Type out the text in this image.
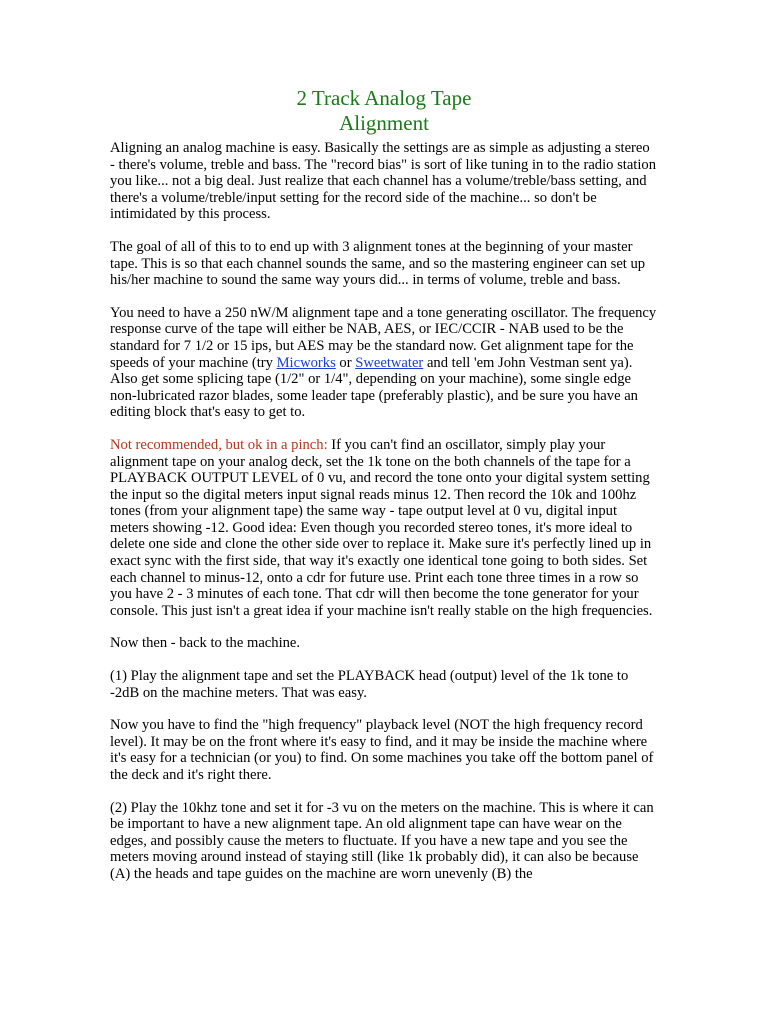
2 Track Analog Tape
Alignment

Aligning an analog machine is easy. Basically the settings are as simple as adjusting a stereo - there's volume, treble and bass. The "record bias" is sort of like tuning in to the radio station you like... not a big deal. Just realize that each channel has a volume/treble/bass setting, and there's a volume/treble/input setting for the record side of the machine... so don't be intimidated by this process.

The goal of all of this to to end up with 3 alignment tones at the beginning of your master tape. This is so that each channel sounds the same, and so the mastering engineer can set up his/her machine to sound the same way yours did... in terms of volume, treble and bass.

You need to have a 250 nW/M alignment tape and a tone generating oscillator. The frequency response curve of the tape will either be NAB, AES, or IEC/CCIR - NAB used to be the standard for 7 1/2 or 15 ips, but AES may be the standard now. Get alignment tape for the speeds of your machine (try Micworks or Sweetwater and tell 'em John Vestman sent ya). Also get some splicing tape (1/2" or 1/4", depending on your machine), some single edge non-lubricated razor blades, some leader tape (preferably plastic), and be sure you have an editing block that's easy to get to.

Not recommended, but ok in a pinch: If you can't find an oscillator, simply play your alignment tape on your analog deck, set the 1k tone on the both channels of the tape for a PLAYBACK OUTPUT LEVEL of 0 vu, and record the tone onto your digital system setting the input so the digital meters input signal reads minus 12. Then record the 10k and 100hz tones (from your alignment tape) the same way - tape output level at 0 vu, digital input meters showing -12. Good idea: Even though you recorded stereo tones, it's more ideal to delete one side and clone the other side over to replace it. Make sure it's perfectly lined up in exact sync with the first side, that way it's exactly one identical tone going to both sides. Set each channel to minus-12, onto a cdr for future use. Print each tone three times in a row so you have 2 - 3 minutes of each tone. That cdr will then become the tone generator for your console. This just isn't a great idea if your machine isn't really stable on the high frequencies.

Now then - back to the machine.

(1) Play the alignment tape and set the PLAYBACK head (output) level of the 1k tone to -2dB on the machine meters. That was easy.

Now you have to find the "high frequency" playback level (NOT the high frequency record level). It may be on the front where it's easy to find, and it may be inside the machine where it's easy for a technician (or you) to find. On some machines you take off the bottom panel of the deck and it's right there.

(2) Play the 10khz tone and set it for -3 vu on the meters on the machine. This is where it can be important to have a new alignment tape. An old alignment tape can have wear on the edges, and possibly cause the meters to fluctuate. If you have a new tape and you see the meters moving around instead of staying still (like 1k probably did), it can also be because (A) the heads and tape guides on the machine are worn unevenly (B) the
